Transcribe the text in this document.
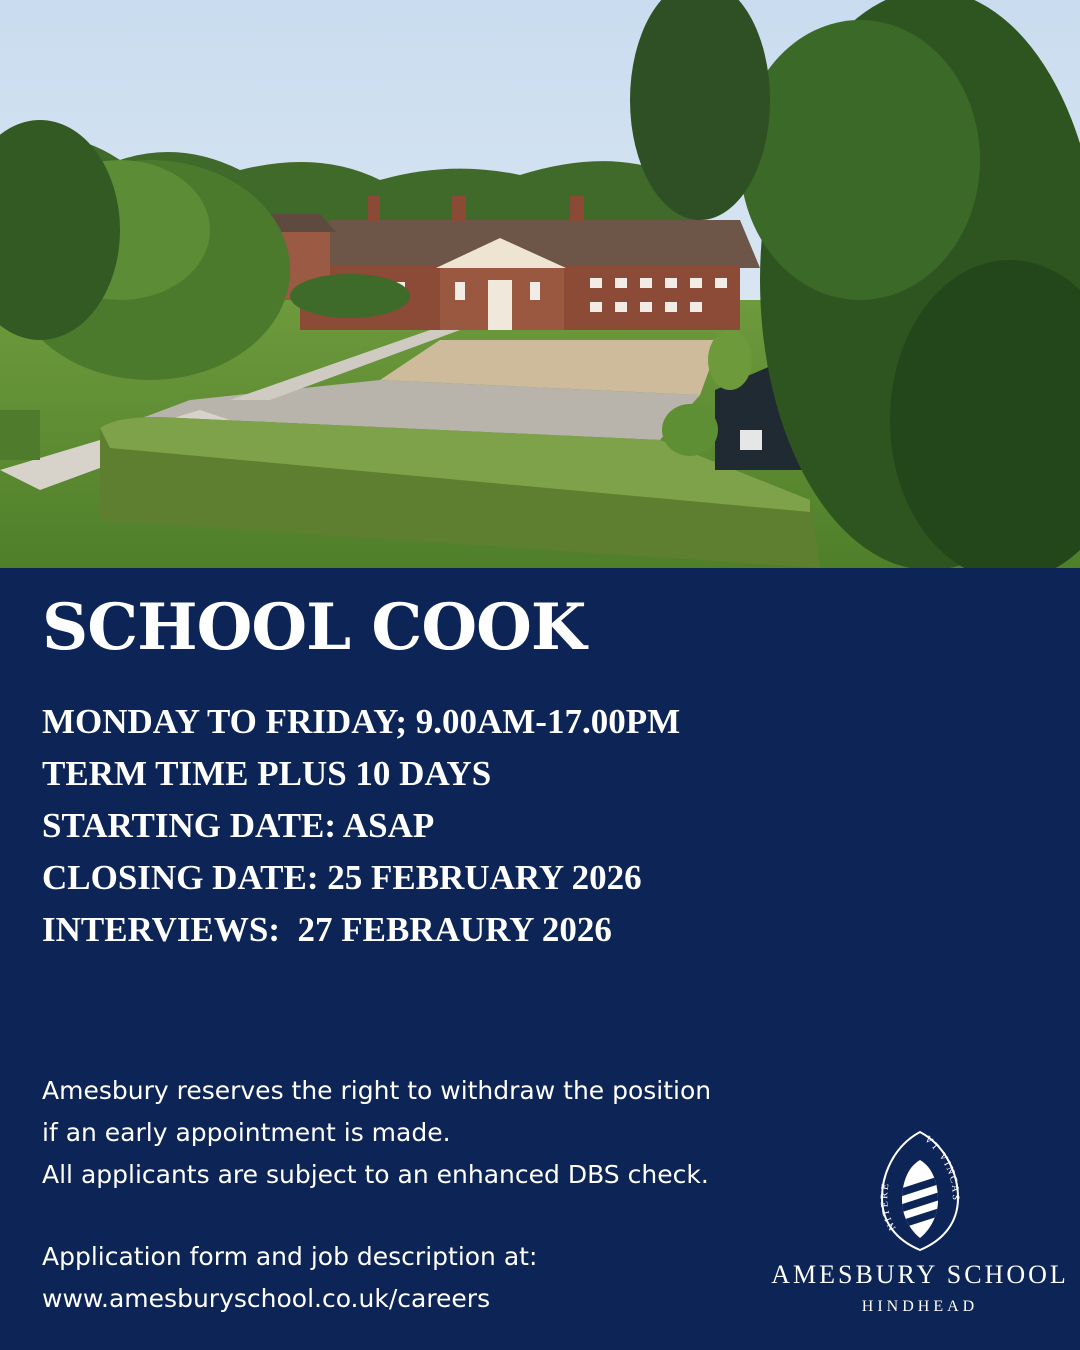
SCHOOL COOK
MONDAY TO FRIDAY; 9.00AM-17.00PM
TERM TIME PLUS 10 DAYS
STARTING DATE: ASAP
CLOSING DATE: 25 FEBRUARY 2026
INTERVIEWS:  27 FEBRAURY 2026

Amesbury reserves the right to withdraw the position

if an early appointment is made.

All applicants are subject to an enhanced DBS check.

Application form and job description at:

www.amesburyschool.co.uk/careers

NITERE
VT VINCAS
AMESBURY SCHOOL
HINDHEAD
